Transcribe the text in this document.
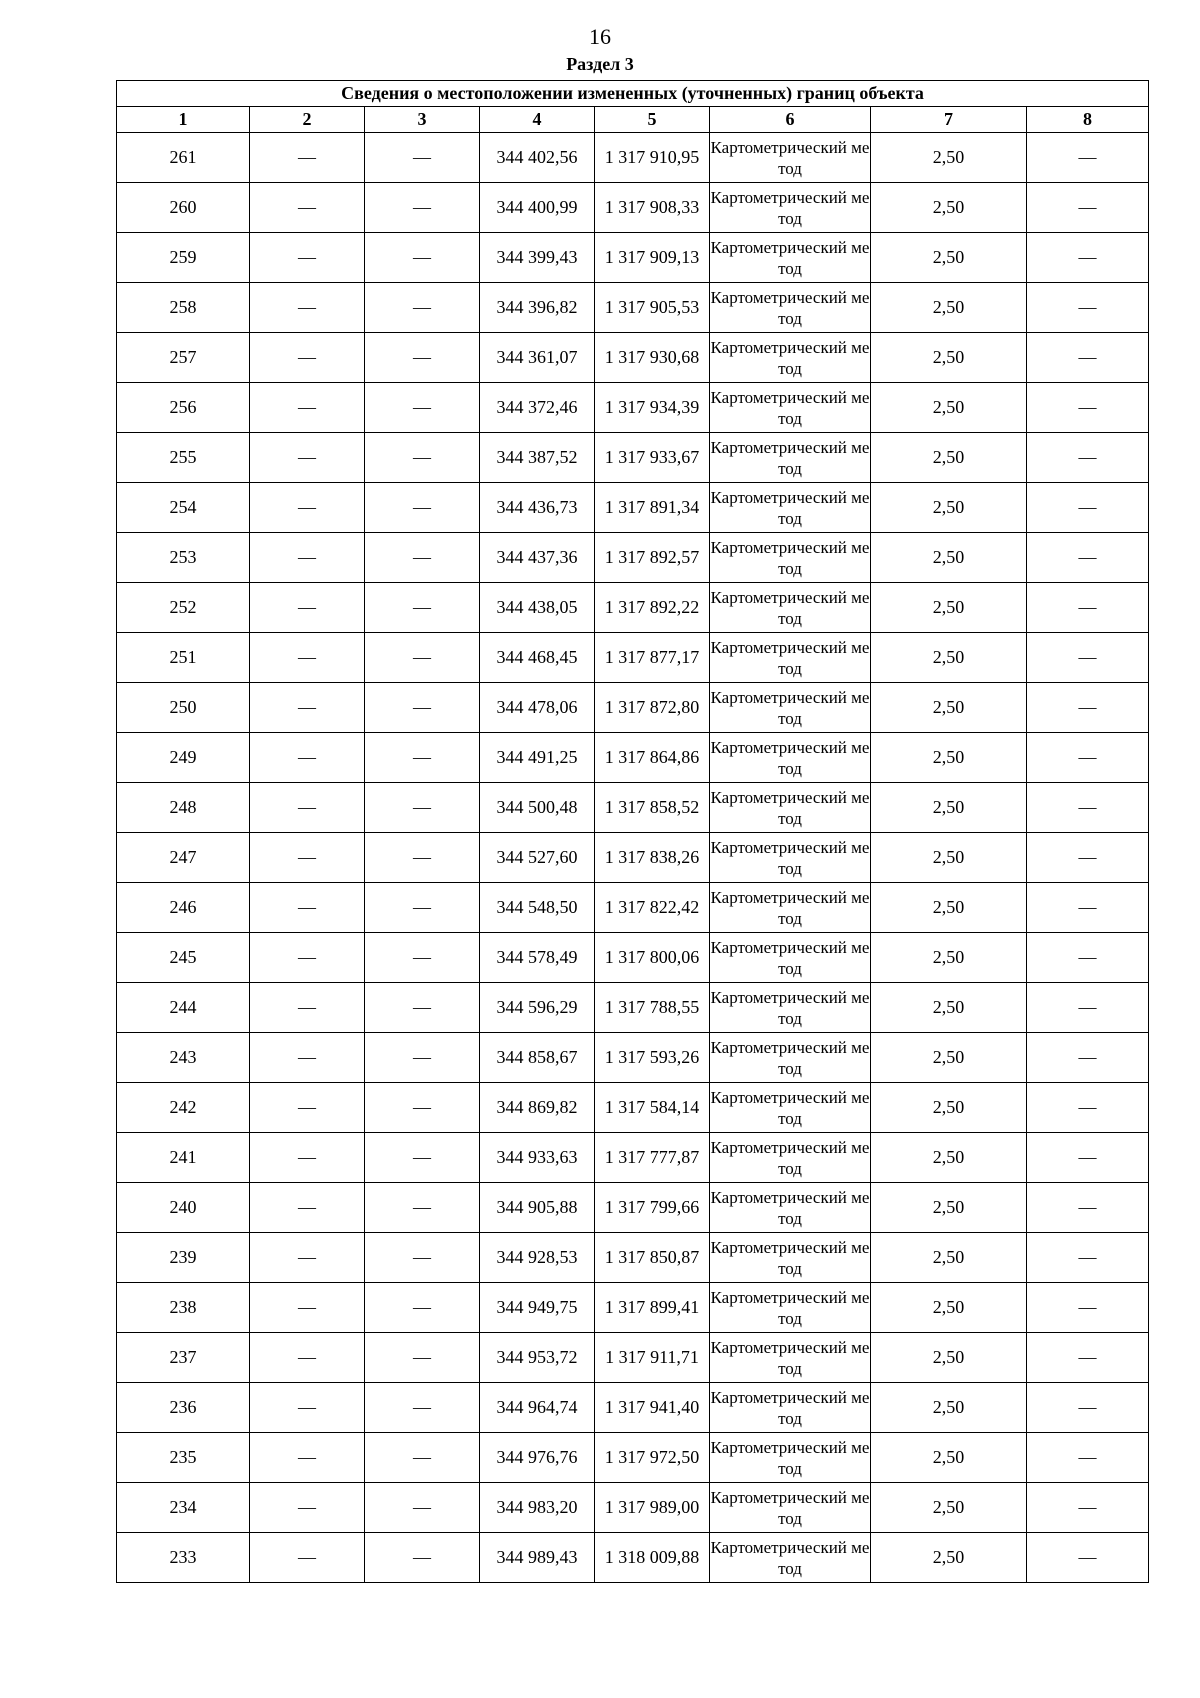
16
Раздел 3
Сведения о местоположении измененных (уточненных) границ объекта							
1	2	3	4	5	6	7	8
261	—	—	344 402,56	1 317 910,95	Картометрический метод	2,50	—
260	—	—	344 400,99	1 317 908,33	Картометрический метод	2,50	—
259	—	—	344 399,43	1 317 909,13	Картометрический метод	2,50	—
258	—	—	344 396,82	1 317 905,53	Картометрический метод	2,50	—
257	—	—	344 361,07	1 317 930,68	Картометрический метод	2,50	—
256	—	—	344 372,46	1 317 934,39	Картометрический метод	2,50	—
255	—	—	344 387,52	1 317 933,67	Картометрический метод	2,50	—
254	—	—	344 436,73	1 317 891,34	Картометрический метод	2,50	—
253	—	—	344 437,36	1 317 892,57	Картометрический метод	2,50	—
252	—	—	344 438,05	1 317 892,22	Картометрический метод	2,50	—
251	—	—	344 468,45	1 317 877,17	Картометрический метод	2,50	—
250	—	—	344 478,06	1 317 872,80	Картометрический метод	2,50	—
249	—	—	344 491,25	1 317 864,86	Картометрический метод	2,50	—
248	—	—	344 500,48	1 317 858,52	Картометрический метод	2,50	—
247	—	—	344 527,60	1 317 838,26	Картометрический метод	2,50	—
246	—	—	344 548,50	1 317 822,42	Картометрический метод	2,50	—
245	—	—	344 578,49	1 317 800,06	Картометрический метод	2,50	—
244	—	—	344 596,29	1 317 788,55	Картометрический метод	2,50	—
243	—	—	344 858,67	1 317 593,26	Картометрический метод	2,50	—
242	—	—	344 869,82	1 317 584,14	Картометрический метод	2,50	—
241	—	—	344 933,63	1 317 777,87	Картометрический метод	2,50	—
240	—	—	344 905,88	1 317 799,66	Картометрический метод	2,50	—
239	—	—	344 928,53	1 317 850,87	Картометрический метод	2,50	—
238	—	—	344 949,75	1 317 899,41	Картометрический метод	2,50	—
237	—	—	344 953,72	1 317 911,71	Картометрический метод	2,50	—
236	—	—	344 964,74	1 317 941,40	Картометрический метод	2,50	—
235	—	—	344 976,76	1 317 972,50	Картометрический метод	2,50	—
234	—	—	344 983,20	1 317 989,00	Картометрический метод	2,50	—
233	—	—	344 989,43	1 318 009,88	Картометрический метод	2,50	—
